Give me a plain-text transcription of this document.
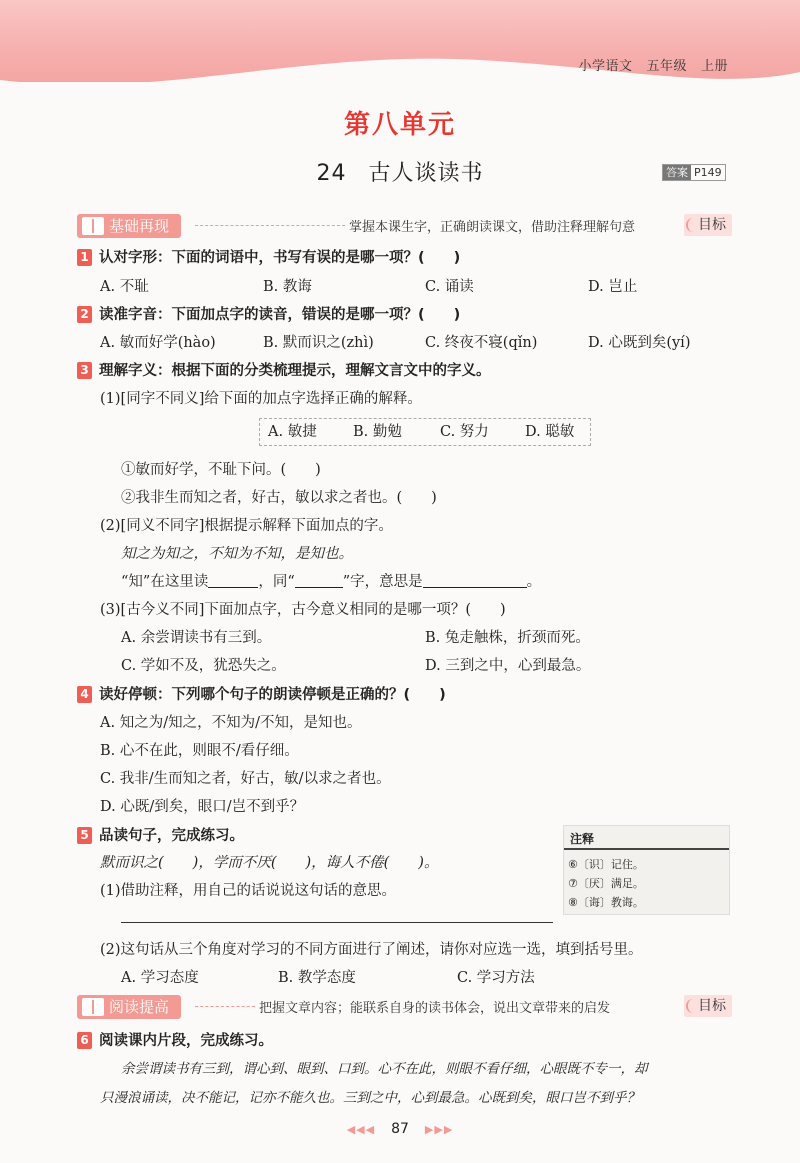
小学语文 五年级 上册
第八单元
24 古人谈读书	答案 P149
基础再现	掌握本课生字，正确朗读课文，借助注释理解句意	目标
1 认对字形：下面的词语中，书写有误的是哪一项？(　　)
A. 不耻	B. 教诲	C. 诵读	D. 岂止
2 读准字音：下面加点字的读音，错误的是哪一项？(　　)
A. 敏而好学(hào)	B. 默而识之(zhì)	C. 终夜不寝(qǐn)	D. 心既到矣(yí)
3 理解字义：根据下面的分类梳理提示，理解文言文中的字义。
(1)[同字不同义]给下面的加点字选择正确的解释。
A. 敏捷	B. 勤勉	C. 努力 D. 聪敏
①敏而好学，不耻下问。(　　)
②我非生而知之者，好古，敏以求之者也。(　　)
(2)[同义不同字]根据提示解释下面加点的字。
知之为知之，不知为不知，是知也。
“知”在这里读	，同“	”字，意思是	。
(3)[古今义不同]下面加点字，古今意义相同的是哪一项？(　　)
A. 余尝谓读书有三到。	B. 兔走触株，折颈而死。
C. 学如不及，犹恐失之。	D. 三到之中，心到最急。
4 读好停顿：下列哪个句子的朗读停顿是正确的？(　　)
A. 知之为/知之，不知为/不知，是知也。
B. 心不在此，则眼不/看仔细。
C. 我非/生而知之者，好古，敏/以求之者也。
D. 心既/到矣，眼口/岂不到乎？
5 品读句子，完成练习。
默而识之(　　)，学而不厌(　　)，诲人不倦(　　)。
(1)借助注释，用自己的话说说这句话的意思。
(2)这句话从三个角度对学习的不同方面进行了阐述，请你对应选一选，填到括号里。
A. 学习态度	B. 教学态度	C. 学习方法
注释
⑥〔识〕记住。
⑦〔厌〕满足。
⑧〔诲〕教诲。
阅读提高	把握文章内容；能联系自身的读书体会，说出文章带来的启发	目标
6 阅读课内片段，完成练习。
余尝谓读书有三到，谓心到、眼到、口到。心不在此，则眼不看仔细，心眼既不专一，却
只漫浪诵读，决不能记，记亦不能久也。三到之中，心到最急。心既到矣，眼口岂不到乎？
◀◀◀ 87 ▶▶▶
